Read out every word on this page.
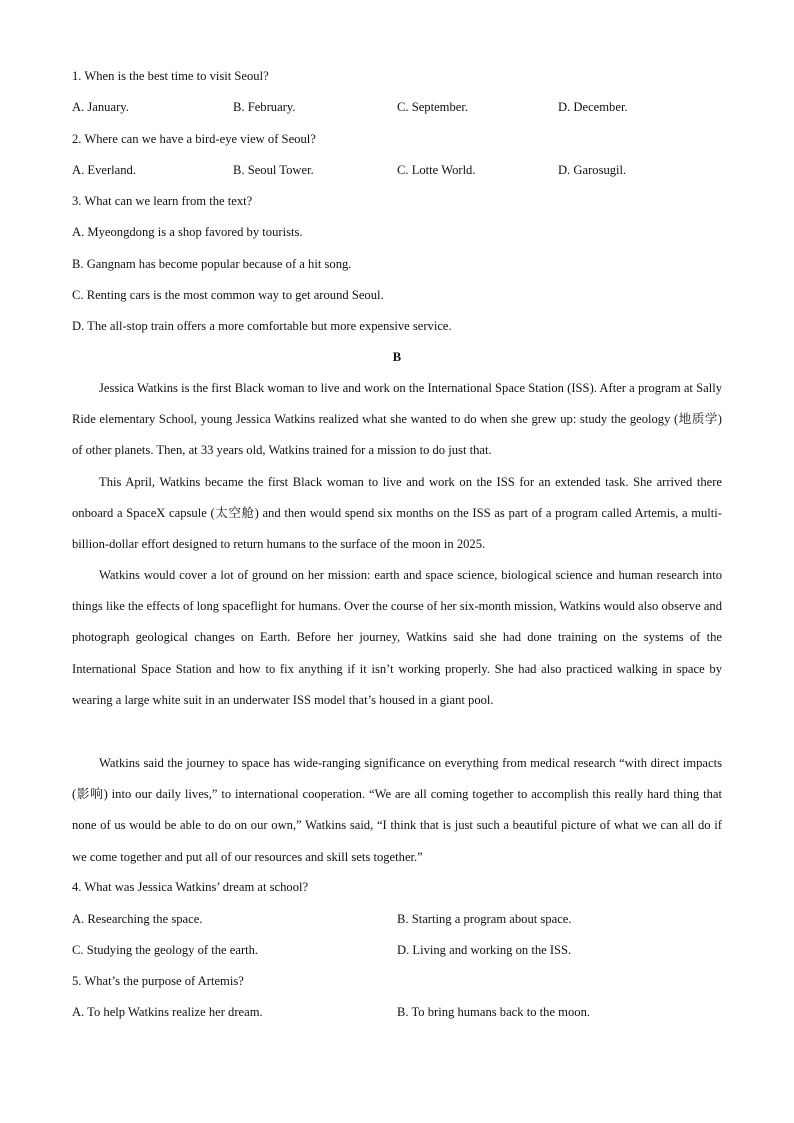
1. When is the best time to visit Seoul?
A. January.	B. February.	C. September.	D. December.
2. Where can we have a bird-eye view of Seoul?
A. Everland.	B. Seoul Tower.	C. Lotte World.	D. Garosugil.
3. What can we learn from the text?
A. Myeongdong is a shop favored by tourists.
B. Gangnam has become popular because of a hit song.
C. Renting cars is the most common way to get around Seoul.
D. The all-stop train offers a more comfortable but more expensive service.
B
Jessica Watkins is the first Black woman to live and work on the International Space Station (ISS). After a program at Sally Ride elementary School, young Jessica Watkins realized what she wanted to do when she grew up: study the geology (地质学) of other planets. Then, at 33 years old, Watkins trained for a mission to do just that.
This April, Watkins became the first Black woman to live and work on the ISS for an extended task. She arrived there onboard a SpaceX capsule (太空舱) and then would spend six months on the ISS as part of a program called Artemis, a multi-billion-dollar effort designed to return humans to the surface of the moon in 2025.
Watkins would cover a lot of ground on her mission: earth and space science, biological science and human research into things like the effects of long spaceflight for humans. Over the course of her six-month mission, Watkins would also observe and photograph geological changes on Earth. Before her journey, Watkins said she had done training on the systems of the International Space Station and how to fix anything if it isn’t working properly. She had also practiced walking in space by wearing a large white suit in an underwater ISS model that’s housed in a giant pool.
Watkins said the journey to space has wide-ranging significance on everything from medical research “with direct impacts (影响) into our daily lives,” to international cooperation. “We are all coming together to accomplish this really hard thing that none of us would be able to do on our own,” Watkins said, “I think that is just such a beautiful picture of what we can all do if we come together and put all of our resources and skill sets together.”
4. What was Jessica Watkins’ dream at school?
A. Researching the space.	B. Starting a program about space.
C. Studying the geology of the earth.	D. Living and working on the ISS.
5. What’s the purpose of Artemis?
A. To help Watkins realize her dream.	B. To bring humans back to the moon.
